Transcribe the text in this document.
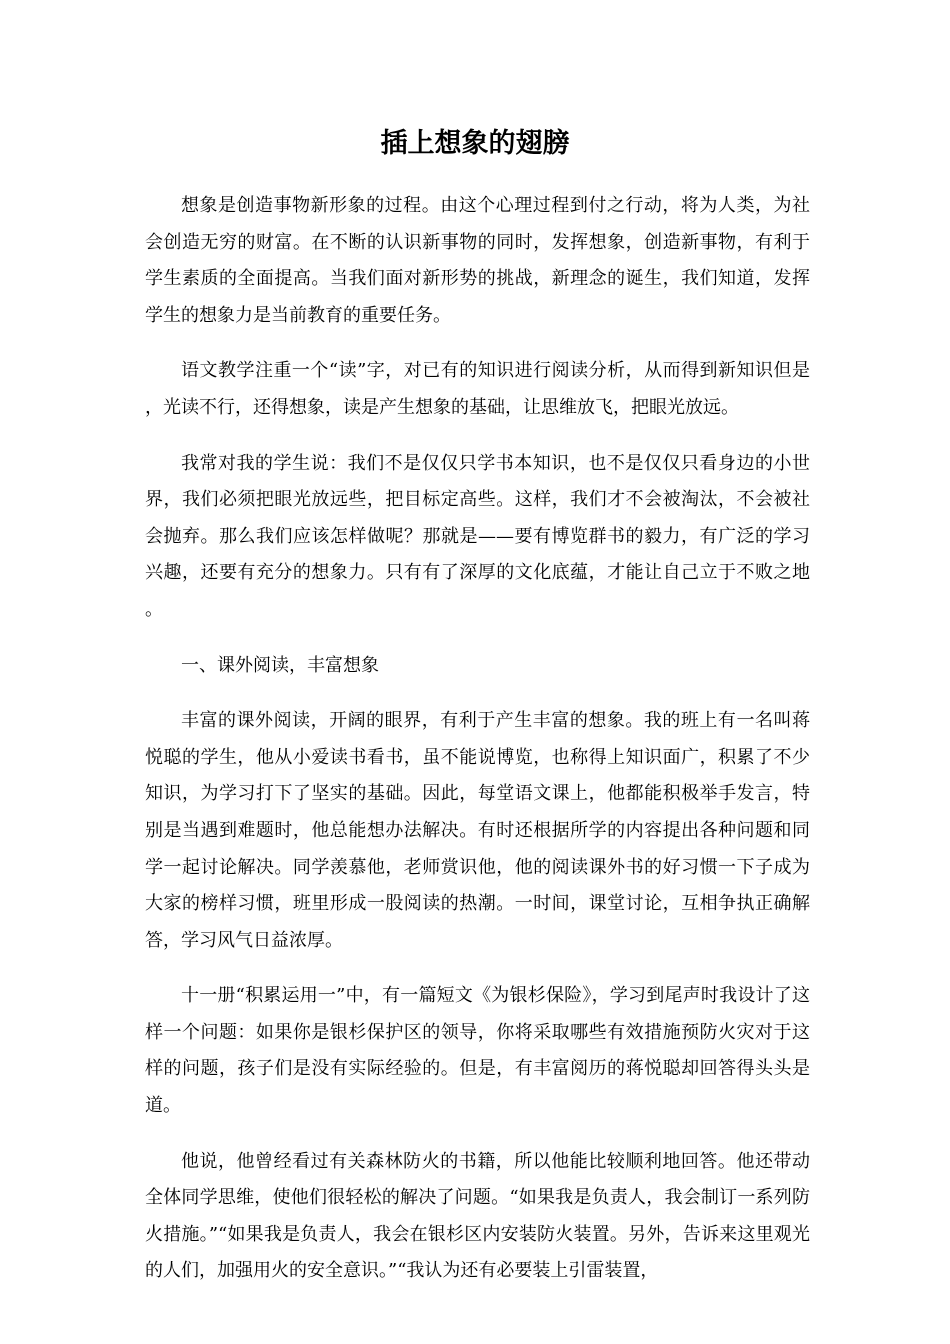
插上想象的翅膀

想象是创造事物新形象的过程。由这个心理过程到付之行动，将为人类，为社会创造无穷的财富。在不断的认识新事物的同时，发挥想象，创造新事物，有利于学生素质的全面提高。当我们面对新形势的挑战，新理念的诞生，我们知道，发挥学生的想象力是当前教育的重要任务。

语文教学注重一个“读”字，对已有的知识进行阅读分析，从而得到新知识但是，光读不行，还得想象，读是产生想象的基础，让思维放飞，把眼光放远。

我常对我的学生说：我们不是仅仅只学书本知识，也不是仅仅只看身边的小世界，我们必须把眼光放远些，把目标定高些。这样，我们才不会被淘汰，不会被社会抛弃。那么我们应该怎样做呢？那就是——要有博览群书的毅力，有广泛的学习兴趣，还要有充分的想象力。只有有了深厚的文化底蕴，才能让自己立于不败之地。

一、课外阅读，丰富想象

丰富的课外阅读，开阔的眼界，有利于产生丰富的想象。我的班上有一名叫蒋悦聪的学生，他从小爱读书看书，虽不能说博览，也称得上知识面广，积累了不少知识，为学习打下了坚实的基础。因此，每堂语文课上，他都能积极举手发言，特别是当遇到难题时，他总能想办法解决。有时还根据所学的内容提出各种问题和同学一起讨论解决。同学羡慕他，老师赏识他，他的阅读课外书的好习惯一下子成为大家的榜样习惯，班里形成一股阅读的热潮。一时间，课堂讨论，互相争执正确解答，学习风气日益浓厚。

十一册“积累运用一”中，有一篇短文《为银杉保险》，学习到尾声时我设计了这样一个问题：如果你是银杉保护区的领导，你将采取哪些有效措施预防火灾对于这样的问题，孩子们是没有实际经验的。但是，有丰富阅历的蒋悦聪却回答得头头是道。

他说，他曾经看过有关森林防火的书籍，所以他能比较顺利地回答。他还带动全体同学思维，使他们很轻松的解决了问题。“如果我是负责人，我会制订一系列防火措施。”“如果我是负责人，我会在银杉区内安装防火装置。另外，告诉来这里观光的人们，加强用火的安全意识。”“我认为还有必要装上引雷装置，
